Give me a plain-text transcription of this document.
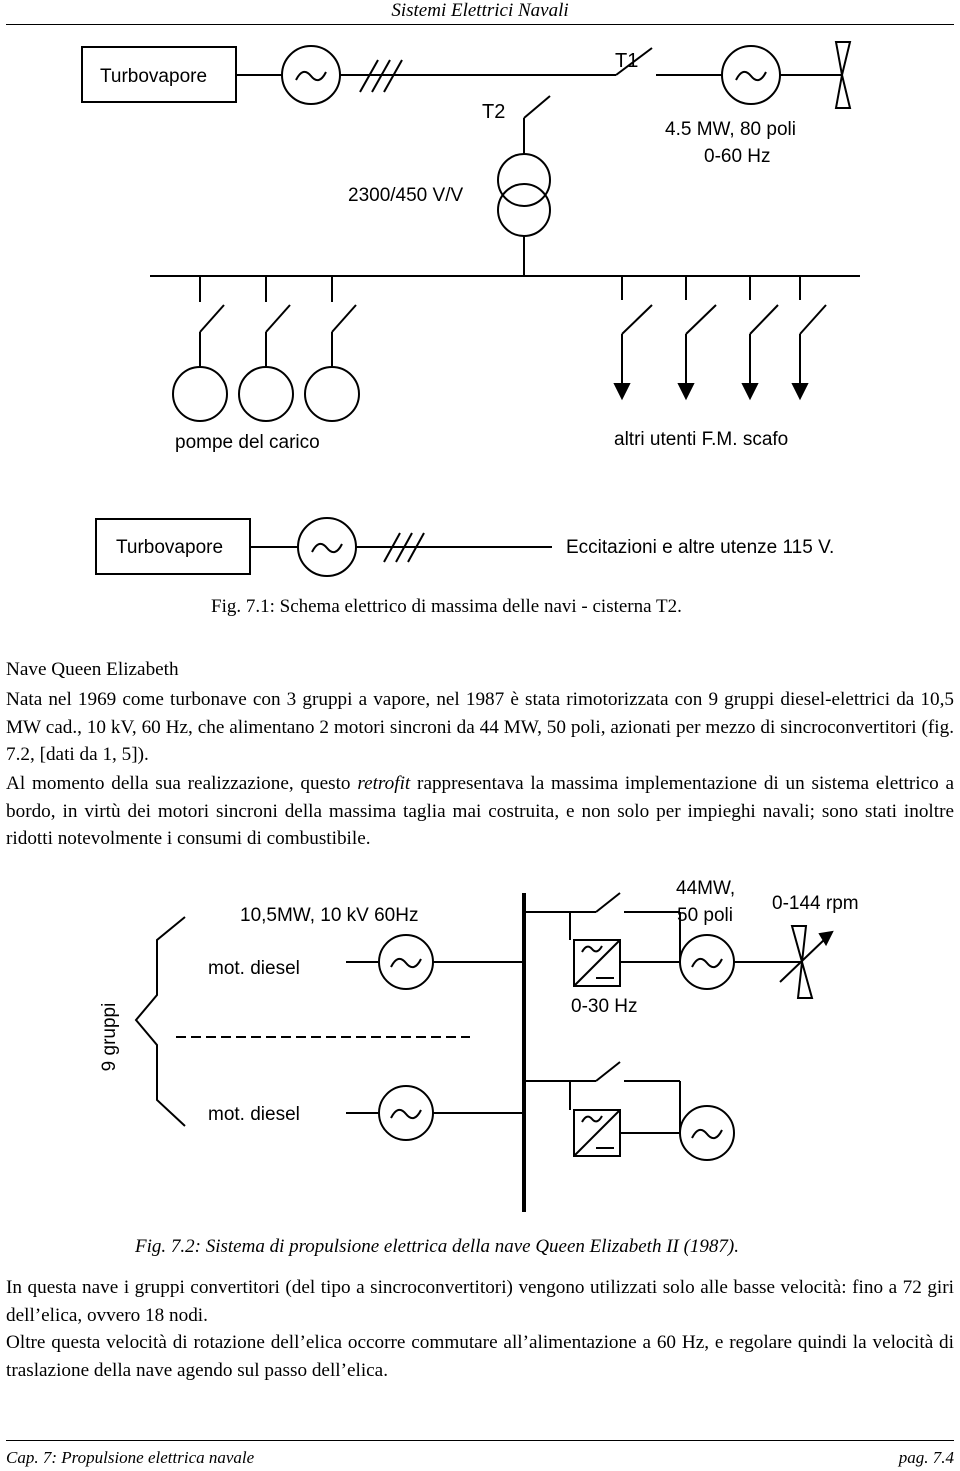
Sistemi Elettrici Navali
Turbovapore
T1
T2
4.5 MW, 80 poli
0-60 Hz
2300/450 V/V
pompe del carico	altri utenti F.M. scafo
Turbovapore	Eccitazioni e altre utenze 115 V.
Fig. 7.1: Schema elettrico di massima delle navi - cisterna T2.
Nave Queen Elizabeth
Nata nel 1969 come turbonave con 3 gruppi a vapore, nel 1987 è stata rimotorizzata con 9 gruppi diesel-elettrici da 10,5 MW cad., 10 kV, 60 Hz, che alimentano 2 motori sincroni da 44 MW, 50 poli, azionati per mezzo di sincroconvertitori (fig. 7.2, [dati da 1, 5]).
Al momento della sua realizzazione, questo retrofit rappresentava la massima implementazione di un sistema elettrico a bordo, in virtù dei motori sincroni della massima taglia mai costruita, e non solo per impieghi navali; sono stati inoltre ridotti notevolmente i consumi di combustibile.
10,5MW, 10 kV 60Hz
44MW,
50 poli
0-144 rpm
mot. diesel
0-30 Hz
mot. diesel
9 gruppi
Fig. 7.2: Sistema di propulsione elettrica della nave Queen Elizabeth II (1987).
In questa nave i gruppi convertitori (del tipo a sincroconvertitori) vengono utilizzati solo alle basse velocità: fino a 72 giri dell’elica, ovvero 18 nodi.
Oltre questa velocità di rotazione dell’elica occorre commutare all’alimentazione a 60 Hz, e regolare quindi la velocità di traslazione della nave agendo sul passo dell’elica.
Cap. 7: Propulsione elettrica navale	pag. 7.4
